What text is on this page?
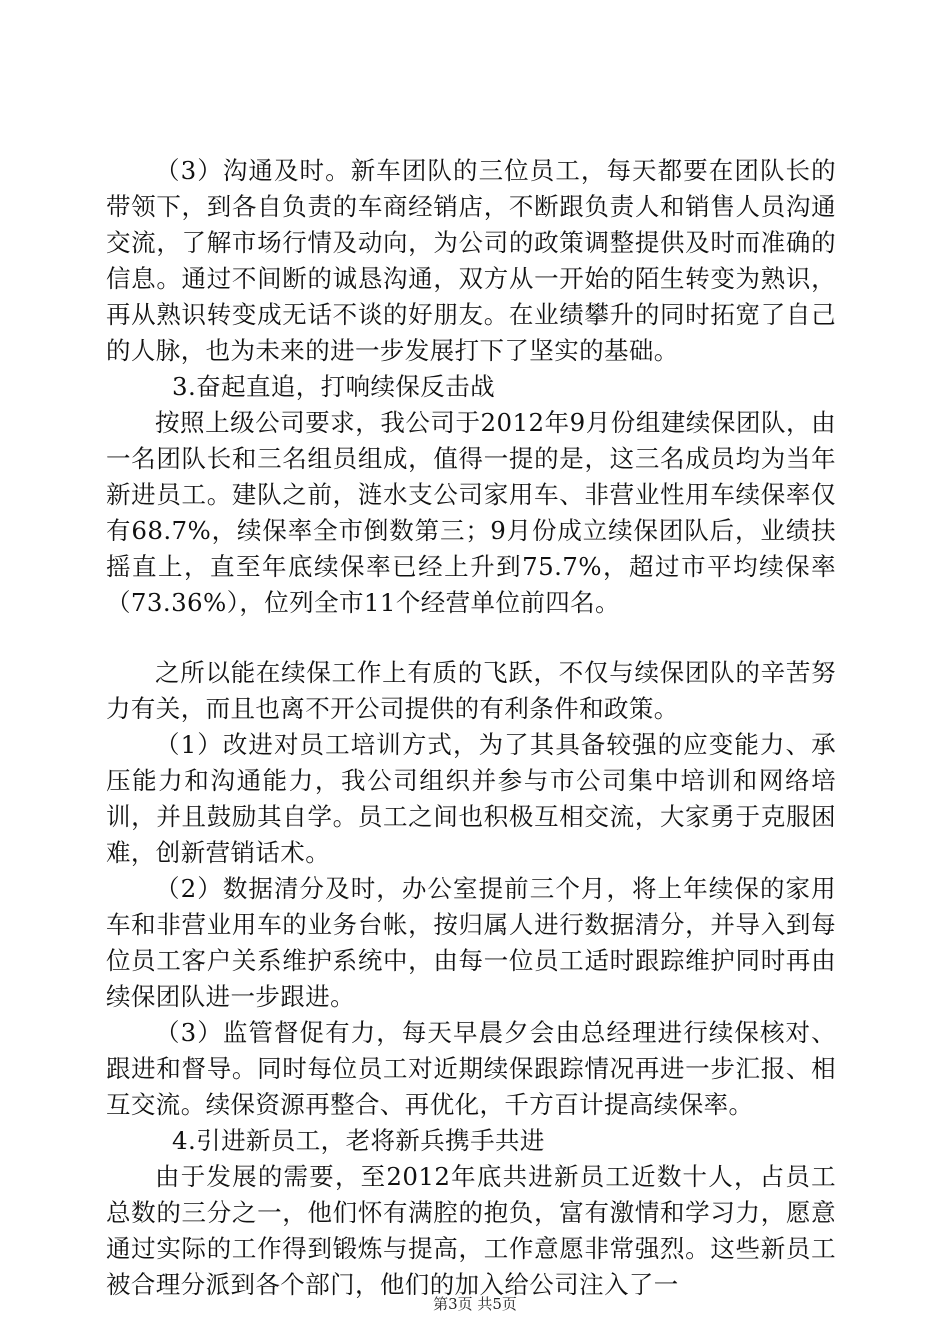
（3）沟通及时。新车团队的三位员工，每天都要在团队长的带领下，到各自负责的车商经销店，不断跟负责人和销售人员沟通交流，了解市场行情及动向，为公司的政策调整提供及时而准确的信息。通过不间断的诚恳沟通，双方从一开始的陌生转变为熟识，再从熟识转变成无话不谈的好朋友。在业绩攀升的同时拓宽了自己的人脉，也为未来的进一步发展打下了坚实的基础。

3.奋起直追，打响续保反击战

按照上级公司要求，我公司于2012年9月份组建续保团队，由一名团队长和三名组员组成，值得一提的是，这三名成员均为当年新进员工。建队之前，涟水支公司家用车、非营业性用车续保率仅有68.7%，续保率全市倒数第三；9月份成立续保团队后，业绩扶摇直上，直至年底续保率已经上升到75.7%，超过市平均续保率（73.36%），位列全市11个经营单位前四名。

之所以能在续保工作上有质的飞跃，不仅与续保团队的辛苦努力有关，而且也离不开公司提供的有利条件和政策。

（1）改进对员工培训方式，为了其具备较强的应变能力、承压能力和沟通能力，我公司组织并参与市公司集中培训和网络培训，并且鼓励其自学。员工之间也积极互相交流，大家勇于克服困难，创新营销话术。

（2）数据清分及时，办公室提前三个月，将上年续保的家用车和非营业用车的业务台帐，按归属人进行数据清分，并导入到每位员工客户关系维护系统中，由每一位员工适时跟踪维护同时再由续保团队进一步跟进。

（3）监管督促有力，每天早晨夕会由总经理进行续保核对、跟进和督导。同时每位员工对近期续保跟踪情况再进一步汇报、相互交流。续保资源再整合、再优化，千方百计提高续保率。

4.引进新员工，老将新兵携手共进

由于发展的需要，至2012年底共进新员工近数十人，占员工总数的三分之一，他们怀有满腔的抱负，富有激情和学习力，愿意通过实际的工作得到锻炼与提高，工作意愿非常强烈。这些新员工被合理分派到各个部门，他们的加入给公司注入了一

第3页 共5页
